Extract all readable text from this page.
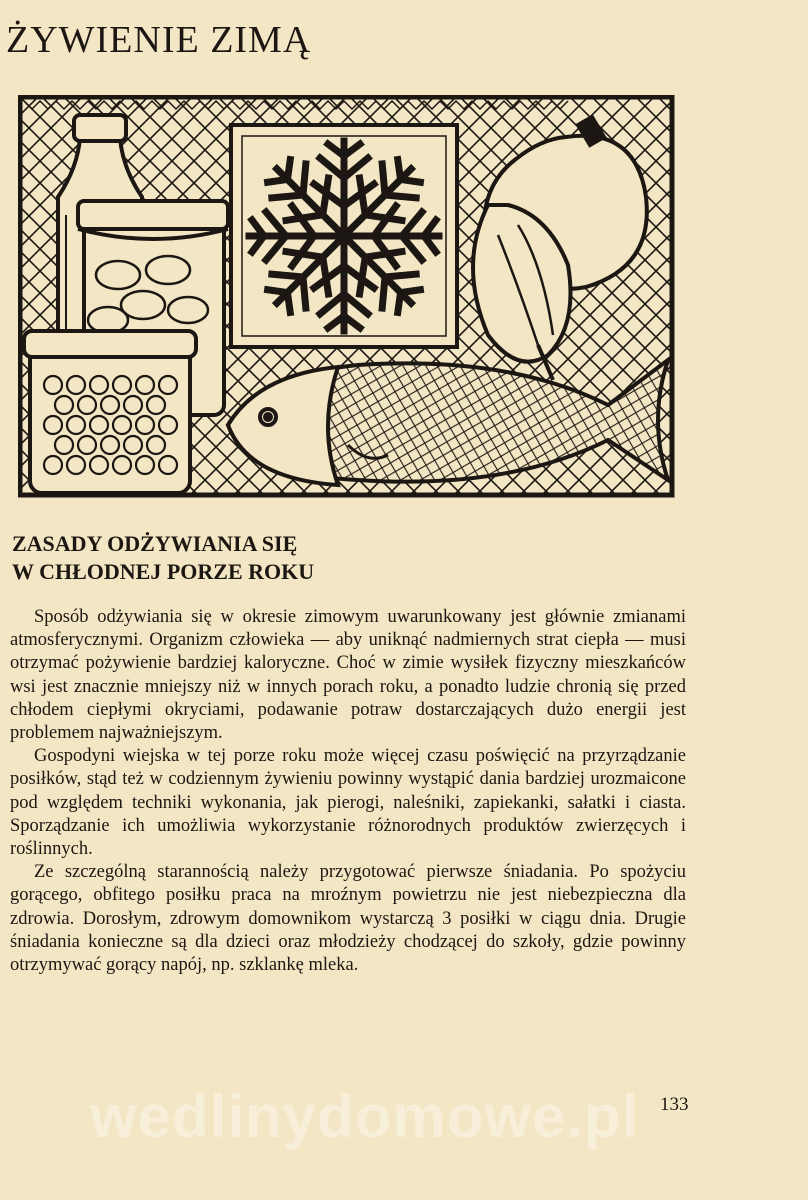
ŻYWIENIE ZIMĄ
ZASADY ODŻYWIANIA SIĘ
W CHŁODNEJ PORZE ROKU

Sposób odżywiania się w okresie zimowym uwarunkowany jest głównie zmianami atmosferycznymi. Organizm człowieka — aby uniknąć nadmiernych strat ciepła — musi otrzymać pożywienie bardziej kaloryczne. Choć w zimie wysiłek fizyczny mieszkańców wsi jest znacznie mniejszy niż w innych porach roku, a ponadto ludzie chronią się przed chłodem ciepłymi okryciami, podawanie potraw dostarczających dużo energii jest problemem najważniejszym.

Gospodyni wiejska w tej porze roku może więcej czasu poświęcić na przyrządzanie posiłków, stąd też w codziennym żywieniu powinny wystąpić dania bardziej urozmaicone pod względem techniki wykonania, jak pierogi, naleśniki, zapiekanki, sałatki i ciasta. Sporządzanie ich umożliwia wykorzystanie różnorodnych produktów zwierzęcych i roślinnych.

Ze szczególną starannością należy przygotować pierwsze śniadania. Po spożyciu gorącego, obfitego posiłku praca na mroźnym powietrzu nie jest niebezpieczna dla zdrowia. Dorosłym, zdrowym domownikom wystarczą 3 posiłki w ciągu dnia. Drugie śniadania konieczne są dla dzieci oraz młodzieży chodzącej do szkoły, gdzie powinny otrzymywać gorący napój, np. szklankę mleka.

wedlinydomowe.pl 133
